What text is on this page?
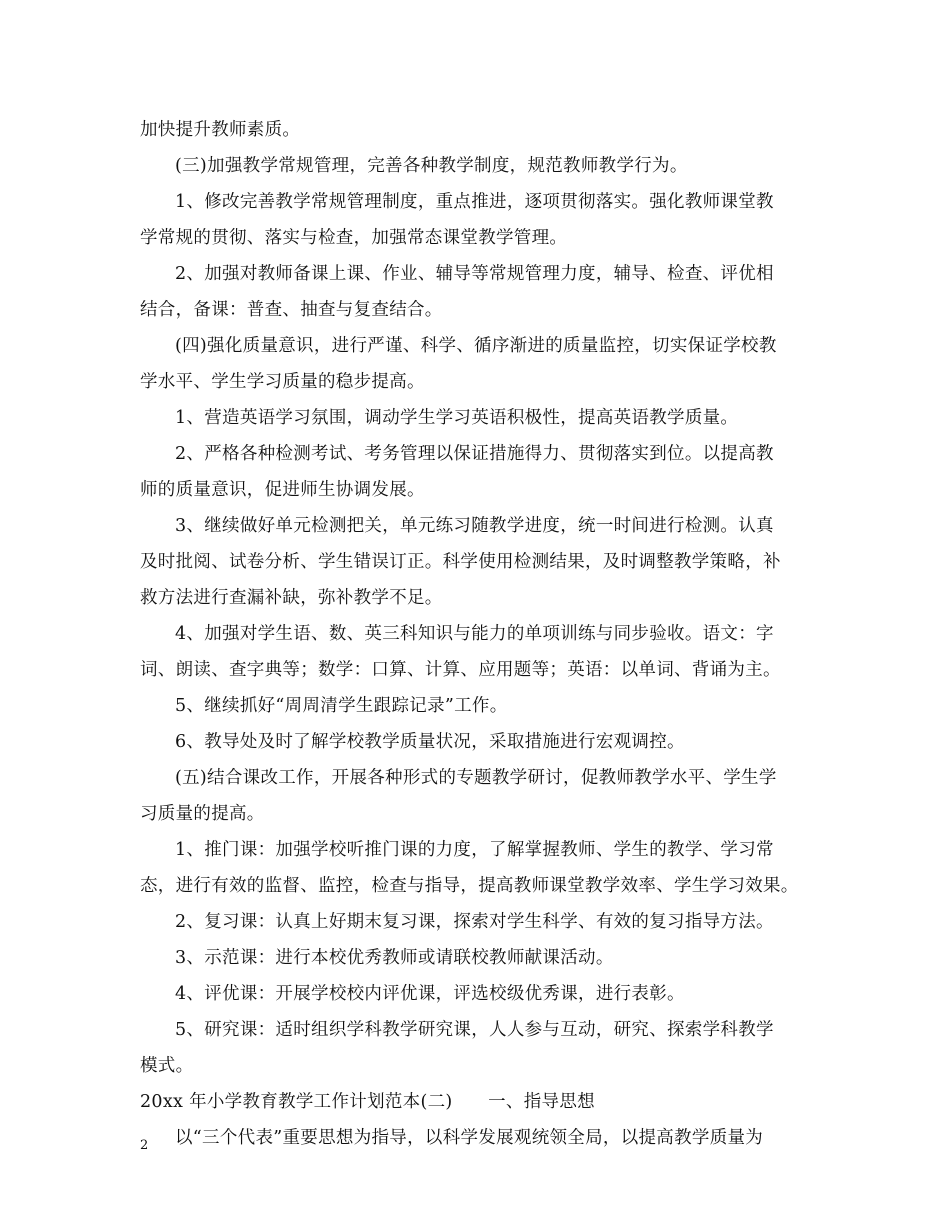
加快提升教师素质。
(三)加强教学常规管理，完善各种教学制度，规范教师教学行为。
1、修改完善教学常规管理制度，重点推进，逐项贯彻落实。强化教师课堂教
学常规的贯彻、落实与检查，加强常态课堂教学管理。
2、加强对教师备课上课、作业、辅导等常规管理力度，辅导、检查、评优相
结合，备课：普查、抽查与复查结合。
(四)强化质量意识，进行严谨、科学、循序渐进的质量监控，切实保证学校教
学水平、学生学习质量的稳步提高。
1、营造英语学习氛围，调动学生学习英语积极性，提高英语教学质量。
2、严格各种检测考试、考务管理以保证措施得力、贯彻落实到位。以提高教
师的质量意识，促进师生协调发展。
3、继续做好单元检测把关，单元练习随教学进度，统一时间进行检测。认真
及时批阅、试卷分析、学生错误订正。科学使用检测结果，及时调整教学策略，补
救方法进行查漏补缺，弥补教学不足。
4、加强对学生语、数、英三科知识与能力的单项训练与同步验收。语文：字
词、朗读、查字典等；数学：口算、计算、应用题等；英语：以单词、背诵为主。
5、继续抓好“周周清学生跟踪记录”工作。
6、教导处及时了解学校教学质量状况，采取措施进行宏观调控。
(五)结合课改工作，开展各种形式的专题教学研讨，促教师教学水平、学生学
习质量的提高。
1、推门课：加强学校听推门课的力度，了解掌握教师、学生的教学、学习常
态，进行有效的监督、监控，检查与指导，提高教师课堂教学效率、学生学习效果。
2、复习课：认真上好期末复习课，探索对学生科学、有效的复习指导方法。
3、示范课：进行本校优秀教师或请联校教师献课活动。
4、评优课：开展学校校内评优课，评选校级优秀课，进行表彰。
5、研究课：适时组织学科教学研究课，人人参与互动，研究、探索学科教学
模式。
20xx 年小学教育教学工作计划范本(二)　　一、指导思想
以“三个代表”重要思想为指导，以科学发展观统领全局，以提高教学质量为
2
